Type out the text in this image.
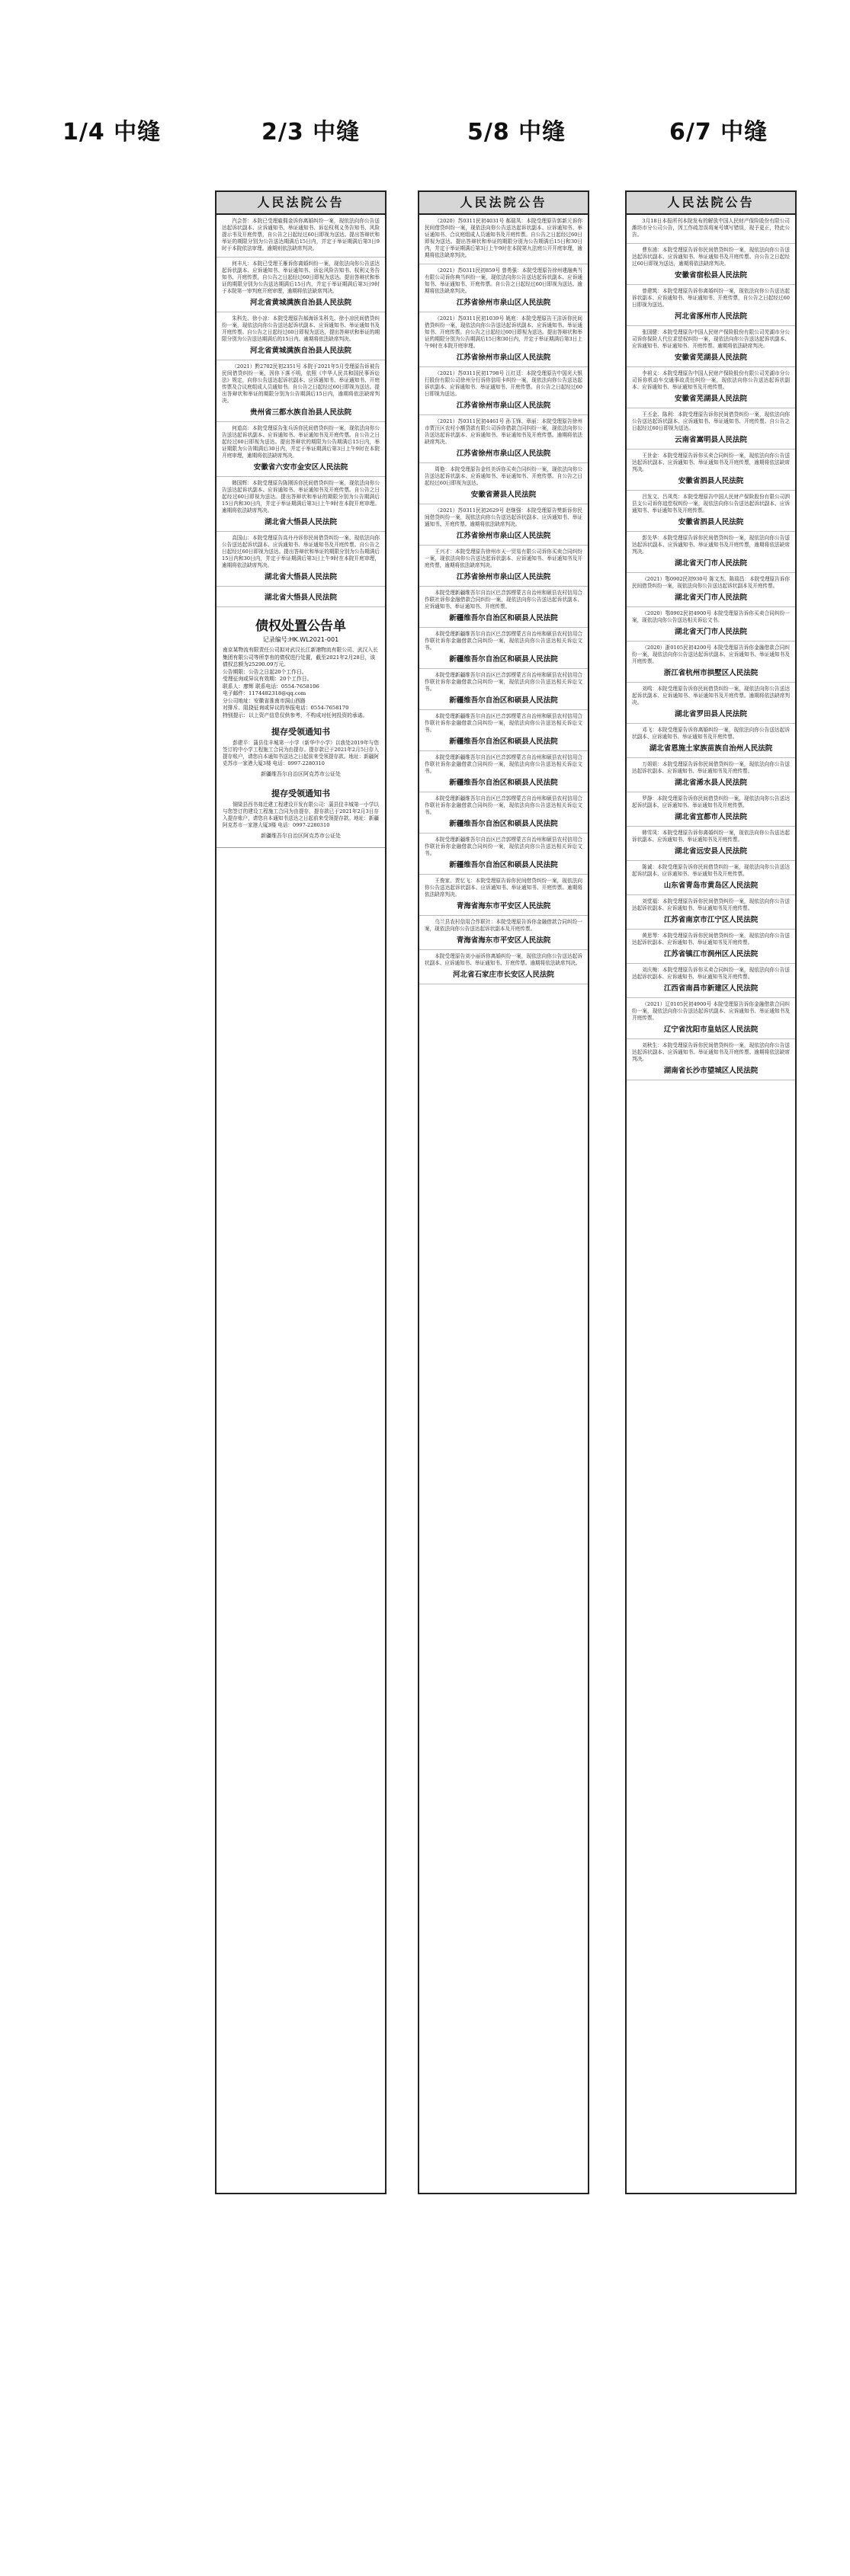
1/4 中缝	2/3 中缝	5/8 中缝	6/7 中缝
人民法院公告

汽会荟：本院已受理雇佣金诉你离婚纠纷一案，现依法向你公告送达起诉状副本、应诉通知书、举证通知书、诉讼权利义务告知书、风险提示书及开庭传票，自公告之日起经过60日即视为送达。提出答辩状和举证的期限分别为公告送达期满后15日内，并定于举证期满后第3日9时于本院依法审理。逾期则依法缺席判决。

何丰凡：本院已受理王雁诉你离婚纠纷一案，现依法向你公告送达起诉状副本、应诉通知书、举证通知书、诉讼风险告知书、权利义务告知书、开庭传票，自公告之日起经过60日即视为送达。提出答辩状和举证的期限分别为公告送达期满后15日内，并定于举证期满后第3日9时于本院第一审判庭开庭审理，逾期将依法缺席判决。

河北省黄城满族自治县人民法院

朱科先、徐小凉：本院受理原告郝海诉朱科先、徐小凉民间借贷纠纷一案，现依法向你公告送达起诉状副本、应诉通知书、举证通知书及开庭传票。自公告之日起经过60日即视为送达，提出答辩状和举证的期限分别为公告送达期满后的15日内。逾期将依法缺席判决。

河北省黄城满族自治县人民法院

（2021）黔2702民初2351号 本院于2021年5月受理原告诉被告民间借贷纠纷一案，因你下落不明，依照《中华人民共和国民事诉讼法》规定，向你公告送达起诉状副本、应诉通知书、举证通知书、开庭传票及合议庭组成人员通知书。自公告之日起经过60日即视为送达。提出答辩状和举证的期限分别为公告期满后15日内，逾期将依法缺席判决。

贵州省三都水族自治县人民法院

何道高：本院受理原告张兵诉你民间借贷纠纷一案，现依法向你公告送达起诉状副本、应诉通知书、举证通知书及开庭传票。自公告之日起经过60日即视为送达。提出答辩状的期限为公告期满后15日内，举证期限为公告期满后30日内，并定于举证期满后第3日上午9时在本院开庭审理，逾期将依法缺席判决。

安徽省六安市金安区人民法院

韩国辉：本院受理原告陈刚诉你民间借贷纠纷一案，现依法向你公告送达起诉状副本、应诉通知书、举证通知书及开庭传票。自公告之日起经过60日即视为送达。提出答辩状和举证的期限分别为公告期满后15日内和30日内，并定于举证期满后第3日上午9时在本院开庭审理。逾期将依法缺席判决。

湖北省大悟县人民法院

高国山：本院受理原告高丹丹诉你民间借贷纠纷一案，现依法向你公告送达起诉状副本、应诉通知书、举证通知书及开庭传票。自公告之日起经过60日即视为送达。提出答辩状和举证的期限分别为公告期满后15日内和30日内，并定于举证期满后第3日上午9时在本院开庭审理，逾期将依法缺席判决。

湖北省大悟县人民法院

湖北省大悟县人民法院
债权处置公告单
记录编号:HK.WL2021-001

南京某物流有限责任公司拟对武汉长江新港物流有限公司、武汉入长集团有限公司等所享有的债权进行处置，截至2021年2月28日，该债权总额为25290.09万元。

公告期限：公告之日起20个工作日。

受理征询或异议有效期：20个工作日。

联系人：廖辉 联系电话：0554-7658106

电子邮件：1174482318@qq.com

分公司地址：安徽省淮南市洞山西路

对排斥、阻挠征询或异议的举报电话：0554-7658170

特别提示：以上资产信息仅供参考，不构成对任何投资的承诺。

提存受领通知书

彭建平：蒲县佳丰城第一小学（新华中小学）以我处2019年与您签订的中小学工程施工合同为由提存。提存款已于2021年2月5日存入提存账户，请您自本通知书送达之日起前来受领提存款。地址：新疆阿克苏市一家港大厦3楼 电话：0997-2280310

新疆维吾尔自治区阿克苏市公证处
提存受领通知书

铜梁县西书弗迁建工程建设开发有限公司：蒲县佳丰城第一小学以与您签订的建设工程施工合同为由提存，提存款已于2021年2月3日存入提存账户，请您自本通知书送达之日起前来受领提存款。地址：新疆阿克苏市一家港大厦3楼 电话：0997-2280310

新疆维吾尔自治区阿克苏市公证处
人民法院公告

（2020）苏0311民初4031号 郝瑞凤：本院受理原告郭新元诉你民间借贷纠纷一案，现依法向你公告送达起诉状副本、应诉通知书、举证通知书、合议庭组成人员通知书及开庭传票。自公告之日起经过60日即视为送达。提出答辩状和举证的期限分别为公告期满后15日和30日内，并定于举证期满后第3日上午9时在本院第九法庭公开开庭审理，逾期将依法缺席判决。

（2021）苏0311民初859号 曾勇强：本院受理原告徐州建融典当有限公司诉你典当纠纷一案，现依法向你公告送达起诉状副本、应诉通知书、举证通知书、开庭传票。自公告之日起经过60日即视为送达。逾期将依法缺席判决。

江苏省徐州市泉山区人民法院

（2021）苏0311民初1039号 姚庭：本院受理原告王洁诉你民间借贷纠纷一案，现依法向你公告送达起诉状副本、应诉通知书、举证通知书、开庭传票。自公告之日起经过60日即视为送达。提出答辩状和举证的期限分别为公告期满后15日和30日内，并定于举证期满后第3日上午9时在本院开庭审理。

江苏省徐州市泉山区人民法院

（2021）苏0311民初1798号 江红廷：本院受理原告中国光大银行股份有限公司徐州分行诉你信用卡纠纷一案，现依法向你公告送达起诉状副本、应诉通知书、举证通知书、开庭传票。自公告之日起经过60日即视为送达。

江苏省徐州市泉山区人民法院

（2021）苏0311民初4461号 孙玉锋、章丽：本院受理原告徐州市贾汪区农村小额贷款有限公司诉你借款合同纠纷一案，现依法向你公告送达起诉状副本、应诉通知书、举证通知书及开庭传票。逾期将依法缺席判决。

江苏省徐州市泉山区人民法院

周艳：本院受理原告金钰美诉你买卖合同纠纷一案，现依法向你公告送达起诉状副本、应诉通知书、举证通知书、开庭传票。自公告之日起经过60日即视为送达。

安徽省萧县人民法院

（2021）苏0311民初2629号 赵继强：本院受理原告樊新诉你民间借贷纠纷一案，现依法向你公告送达起诉状副本、应诉通知书、举证通知书、开庭传票。逾期将依法缺席判决。

江苏省徐州市泉山区人民法院

王兴才：本院受理原告徐州市天一贸易有限公司诉你买卖合同纠纷一案，现依法向你公告送达起诉状副本、应诉通知书、举证通知书及开庭传票，逾期将依法缺席判决。

江苏省徐州市泉山区人民法院

本院受理新疆维吾尔自治区巴音郭楞蒙古自治州和硕县农村信用合作联社诉你金融借款合同纠纷一案，现依法向你公告送达起诉状副本、应诉通知书、举证通知书、开庭传票。

新疆维吾尔自治区和硕县人民法院

本院受理新疆维吾尔自治区巴音郭楞蒙古自治州和硕县农村信用合作联社诉你金融借款合同纠纷一案，现依法向你公告送达相关诉讼文书。

新疆维吾尔自治区和硕县人民法院

本院受理新疆维吾尔自治区巴音郭楞蒙古自治州和硕县农村信用合作联社诉你金融借款合同纠纷一案，现依法向你公告送达相关诉讼文书。

新疆维吾尔自治区和硕县人民法院

本院受理新疆维吾尔自治区巴音郭楞蒙古自治州和硕县农村信用合作联社诉你金融借款合同纠纷一案，现依法向你公告送达相关诉讼文书。

新疆维吾尔自治区和硕县人民法院

本院受理新疆维吾尔自治区巴音郭楞蒙古自治州和硕县农村信用合作联社诉你金融借款合同纠纷一案，现依法向你公告送达相关诉讼文书。

新疆维吾尔自治区和硕县人民法院

本院受理新疆维吾尔自治区巴音郭楞蒙古自治州和硕县农村信用合作联社诉你金融借款合同纠纷一案，现依法向你公告送达相关诉讼文书。

新疆维吾尔自治区和硕县人民法院

本院受理新疆维吾尔自治区巴音郭楞蒙古自治州和硕县农村信用合作联社诉你金融借款合同纠纷一案，现依法向你公告送达相关诉讼文书。

新疆维吾尔自治区和硕县人民法院

王俊家、贾忆飞：本院受理原告诉你民间借贷纠纷一案，现依法向你公告送达起诉状副本、应诉通知书、举证通知书、开庭传票。逾期将依法缺席判决。

青海省海东市平安区人民法院

乌兰县农村信用合作联社：本院受理原告诉你金融借款合同纠纷一案，现依法向你公告送达起诉状副本及开庭传票。

青海省海东市平安区人民法院

本院受理原告刘小丽诉你离婚纠纷一案，现依法向你公告送达起诉状副本、应诉通知书、举证通知书、开庭传票。逾期将依法缺席判决。

河北省石家庄市长安区人民法院
人民法院公告

3月18日本报所刊本院发布的解放中国人民财产保险股份有限公司潍坊市分公司公告，因工作疏忽误将案号填写错误，现予更正，特此公告。

曹东浦：本院受理原告诉你民间借贷纠纷一案，现依法向你公告送达起诉状副本、应诉通知书、举证通知书及开庭传票。自公告之日起经过60日即视为送达，逾期将依法缺席判决。

安徽省宿松县人民法院

曾建筑：本院受理原告诉你离婚纠纷一案，现依法向你公告送达起诉状副本、应诉通知书、举证通知书、开庭传票，自公告之日起经过60日即视为送达。

河北省涿州市人民法院

张国健：本院受理原告中国人民财产保险股份有限公司芜湖市分公司诉你保险人代位求偿权纠纷一案，现依法向你公告送达起诉状副本、应诉通知书、举证通知书、开庭传票。逾期将依法缺席判决。

安徽省芜湖县人民法院

李祖义：本院受理原告中国人民财产保险股份有限公司芜湖市分公司诉你机动车交通事故责任纠纷一案，现依法向你公告送达起诉状副本、应诉通知书、举证通知书及开庭传票。

安徽省芜湖县人民法院

王丕金、陈利：本院受理原告诉你民间借贷纠纷一案，现依法向你公告送达起诉状副本、应诉通知书、举证通知书、开庭传票。自公告之日起经过60日即视为送达。

云南省嵩明县人民法院

王世金：本院受理原告诉你买卖合同纠纷一案，现依法向你公告送达起诉状副本、应诉通知书、举证通知书及开庭传票，逾期将依法缺席判决。

安徽省泗县人民法院

吕发文、吕凤英：本院受理原告中国人民财产保险股份有限公司泗县支公司诉你追偿权纠纷一案，现依法向你公告送达起诉状副本、应诉通知书、举证通知书及开庭传票。

安徽省泗县人民法院

彭先华：本院受理原告诉你民间借贷纠纷一案，现依法向你公告送达起诉状副本、应诉通知书、举证通知书及开庭传票，逾期将依法缺席判决。

湖北省天门市人民法院

（2021）鄂0902民初930号 陈文杰、陈瑞昌：本院受理原告诉你民间借贷纠纷一案，现依法向你公告送达起诉状副本及开庭传票。

湖北省天门市人民法院

（2020）鄂0902民初4900号 本院受理原告诉你买卖合同纠纷一案，现依法向你公告送达相关诉讼文书。

湖北省天门市人民法院

（2020）浙0105民初4200号 本院受理原告诉你金融借款合同纠纷一案，现依法向你公告送达起诉状副本、应诉通知书、举证通知书及开庭传票。

浙江省杭州市拱墅区人民法院

刘鸣：本院受理原告诉你民间借贷纠纷一案，现依法向你公告送达起诉状副本、应诉通知书、举证通知书及开庭传票。逾期将依法缺席判决。

湖北省罗田县人民法院

邓飞：本院受理原告诉你离婚纠纷一案，现依法向你公告送达起诉状副本、应诉通知书、举证通知书及开庭传票。

湖北省恩施土家族苗族自治州人民法院

万姐姐：本院受理原告诉你民间借贷纠纷一案，现依法向你公告送达起诉状副本、应诉通知书、举证通知书及开庭传票。

湖北省浠水县人民法院

罗静：本院受理原告诉你民间借贷纠纷一案，现依法向你公告送达起诉状副本、应诉通知书、举证通知书及开庭传票。

湖北省宜都市人民法院

韩雪凤：本院受理原告诉你离婚纠纷一案，现依法向你公告送达起诉状副本、应诉通知书、举证通知书及开庭传票。

湖北省远安县人民法院

陈诚：本院受理原告诉你民间借贷纠纷一案，现依法向你公告送达起诉状副本、应诉通知书、举证通知书及开庭传票。

山东省青岛市黄岛区人民法院

刘堂福：本院受理原告诉你民间借贷纠纷一案，现依法向你公告送达起诉状副本、应诉通知书、举证通知书及开庭传票。

江苏省南京市江宁区人民法院

黄思琴：本院受理原告诉你民间借贷纠纷一案，现依法向你公告送达起诉状副本、应诉通知书、举证通知书及开庭传票。

江苏省镇江市润州区人民法院

刘庆梅：本院受理原告诉你买卖合同纠纷一案，现依法向你公告送达起诉状副本、应诉通知书、举证通知书及开庭传票。

江西省南昌市新建区人民法院

（2021）辽0105民初4900号 本院受理原告诉你金融借款合同纠纷一案，现依法向你公告送达起诉状副本、应诉通知书、举证通知书及开庭传票。

辽宁省沈阳市皇姑区人民法院

刘秋生：本院受理原告诉你民间借贷纠纷一案，现依法向你公告送达起诉状副本、应诉通知书、举证通知书及开庭传票。逾期将依法缺席判决。

湖南省长沙市望城区人民法院
